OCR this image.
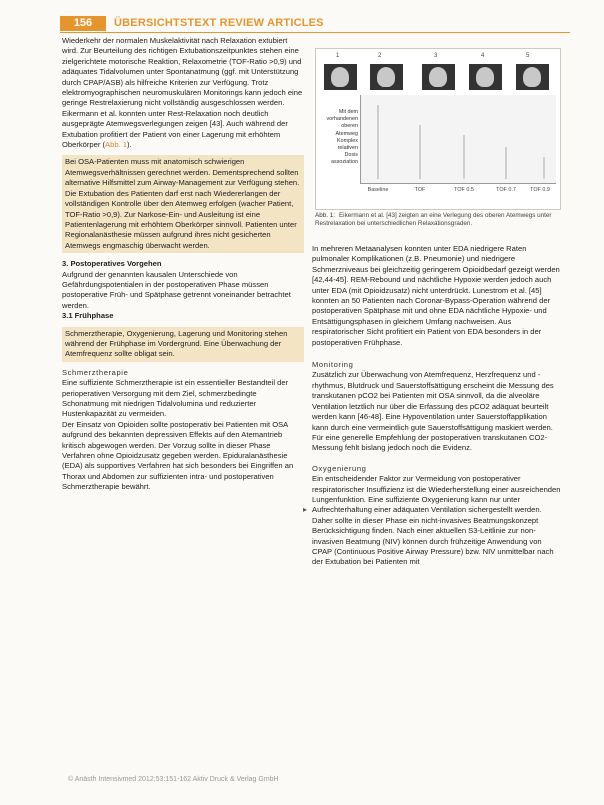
156	ÜBERSICHTSTEXT REVIEW ARTICLES

Wiederkehr der normalen Muskelaktivität nach Relaxation extubiert wird. Zur Beurteilung des richtigen Extubationszeitpunktes stehen eine zielgerichtete motorische Reaktion, Relaxometrie (TOF-Ratio >0,9) und adäquates Tidalvolumen unter Spontanatmung (ggf. mit Unterstützung durch CPAP/ASB) als hilfreiche Kriterien zur Verfügung. Trotz elektromyographischen neuromuskulären Monitorings kann jedoch eine geringe Restrelaxierung nicht vollständig ausgeschlossen werden. Eikermann et al. konnten unter Rest-Relaxation noch deutlich ausgeprägte Atemwegsverlegungen zeigen [43]. Auch während der Extubation profitiert der Patient von einer Lagerung mit erhöhtem Oberkörper (Abb. 1).

Bei OSA-Patienten muss mit anatomisch schwierigen Atemwegsverhältnissen gerechnet werden. Dementsprechend sollten alternative Hilfsmittel zum Airway-Management zur Verfügung stehen. Die Extubation des Patienten darf erst nach Wiedererlangen der vollständigen Kontrolle über den Atemweg erfolgen (wacher Patient, TOF-Ratio >0,9). Zur Narkose-Ein- und Ausleitung ist eine Patientenlagerung mit erhöhtem Oberkörper sinnvoll. Patienten unter Regionalanästhesie müssen aufgrund ihres nicht gesicherten Atemwegs engmaschig überwacht werden.

3. Postoperatives Vorgehen

Aufgrund der genannten kausalen Unterschiede von Gefährdungspotentialen in der postoperativen Phase müssen postoperative Früh- und Spätphase getrennt voneinander betrachtet werden.

3.1 Frühphase

Schmerztherapie, Oxygenierung, Lagerung und Monitoring stehen während der Frühphase im Vordergrund. Eine Überwachung der Atemfrequenz sollte obligat sein.

Schmerztherapie

Eine suffiziente Schmerztherapie ist ein essentieller Bestandteil der perioperativen Versorgung mit dem Ziel, schmerzbedingte Schonatmung mit niedrigen Tidalvolumina und reduzierter Hustenkapazität zu vermeiden.

Der Einsatz von Opioiden sollte postoperativ bei Patienten mit OSA aufgrund des bekannten depressiven Effekts auf den Atemantrieb kritisch abgewogen werden. Der Vorzug sollte in dieser Phase Verfahren ohne Opioidzusatz gegeben werden. Epiduralanästhesie (EDA) als supportives Verfahren hat sich besonders bei Eingriffen an Thorax und Abdomen zur suffizienten intra- und postoperativen Schmerztherapie bewährt.

1	2	3	4	5
Mit dem
vorhandenen
oberen
Atemweg
Komplex
relativen
Dosis
assoziation
Baseline	TOF	TOF 0.5	TOF 0.7	TOF 0.9
Abb. 1: Eikermann et al. [43] zeigten an eine Verlegung des oberen Atemwegs unter Restrelaxation bei unterschiedlichen Relaxationsgraden.

In mehreren Metaanalysen konnten unter EDA niedrigere Raten pulmonaler Komplikationen (z.B. Pneumonie) und niedrigere Schmerzniveaus bei gleichzeitig geringerem Opioidbedarf gezeigt werden [42,44-45]. REM-Rebound und nächtliche Hypoxie werden jedoch auch unter EDA (mit Opioidzusatz) nicht unterdrückt. Lunestrom et al. [45] konnten an 50 Patienten nach Coronar-Bypass-Operation während der postoperativen Spätphase mit und ohne EDA nächtliche Hypoxie- und Entsättigungsphasen in gleichem Umfang nachweisen. Aus respiratorischer Sicht profitiert ein Patient von EDA besonders in der postoperativen Frühphase.

Monitoring

Zusätzlich zur Überwachung von Atemfrequenz, Herzfrequenz und -rhythmus, Blutdruck und Sauerstoffsättigung erscheint die Messung des transkutanen pCO2 bei Patienten mit OSA sinnvoll, da die alveoläre Ventilation letztlich nur über die Erfassung des pCO2 adäquat beurteilt werden kann [46-48]. Eine Hypoventilation unter Sauerstoffapplikation kann durch eine vermeintlich gute Sauerstoffsättigung maskiert werden.

Für eine generelle Empfehlung der postoperativen transkutanen CO2-Messung fehlt bislang jedoch noch die Evidenz.

Oxygenierung

Ein entscheidender Faktor zur Vermeidung von postoperativer respiratorischer Insuffizienz ist die Wiederherstellung einer ausreichenden Lungenfunktion. Eine suffiziente Oxygenierung kann nur unter Aufrechterhaltung einer adäquaten Ventilation sichergestellt werden. Daher sollte in dieser Phase ein nicht-invasives Beatmungskonzept Berücksichtigung finden. Nach einer aktuellen S3-Leitlinie zur non-invasiven Beatmung (NIV) können durch frühzeitige Anwendung von CPAP (Continuous Positive Airway Pressure) bzw. NIV unmittelbar nach der Extubation bei Patienten mit

▸
© Anästh Intensivmed 2012;53:151-162 Aktiv Druck & Verlag GmbH
